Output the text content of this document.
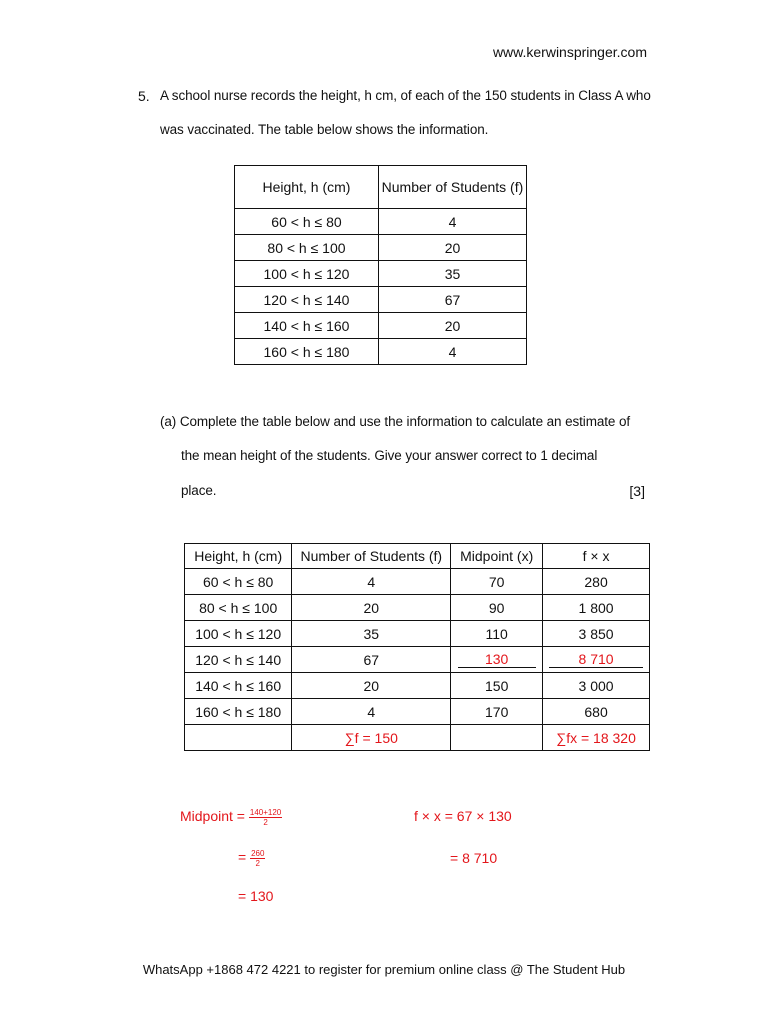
www.kerwinspringer.com
5. A school nurse records the height, h cm, of each of the 150 students in Class A who
was vaccinated. The table below shows the information.
Height, h (cm)	Number of Students (f)
60 < h ≤ 80	4
80 < h ≤ 100	20
100 < h ≤ 120	35
120 < h ≤ 140	67
140 < h ≤ 160	20
160 < h ≤ 180	4
(a) Complete the table below and use the information to calculate an estimate of
the mean height of the students. Give your answer correct to 1 decimal
place.	[3]
Height, h (cm)	Number of Students (f)	Midpoint (x)	f × x
60 < h ≤ 80	4	70	280
80 < h ≤ 100	20	90	1 800
100 < h ≤ 120	35	110	3 850
120 < h ≤ 140	67	130	8 710
140 < h ≤ 160	20	150	3 000
160 < h ≤ 180	4	170	680
	∑f = 150		∑fx = 18 320
Midpoint = $\frac{140+120}{2}$
= $\frac{260}{2}$
= 130
f × x = 67 × 130
= 8 710
WhatsApp +1868 472 4221 to register for premium online class @ The Student Hub
